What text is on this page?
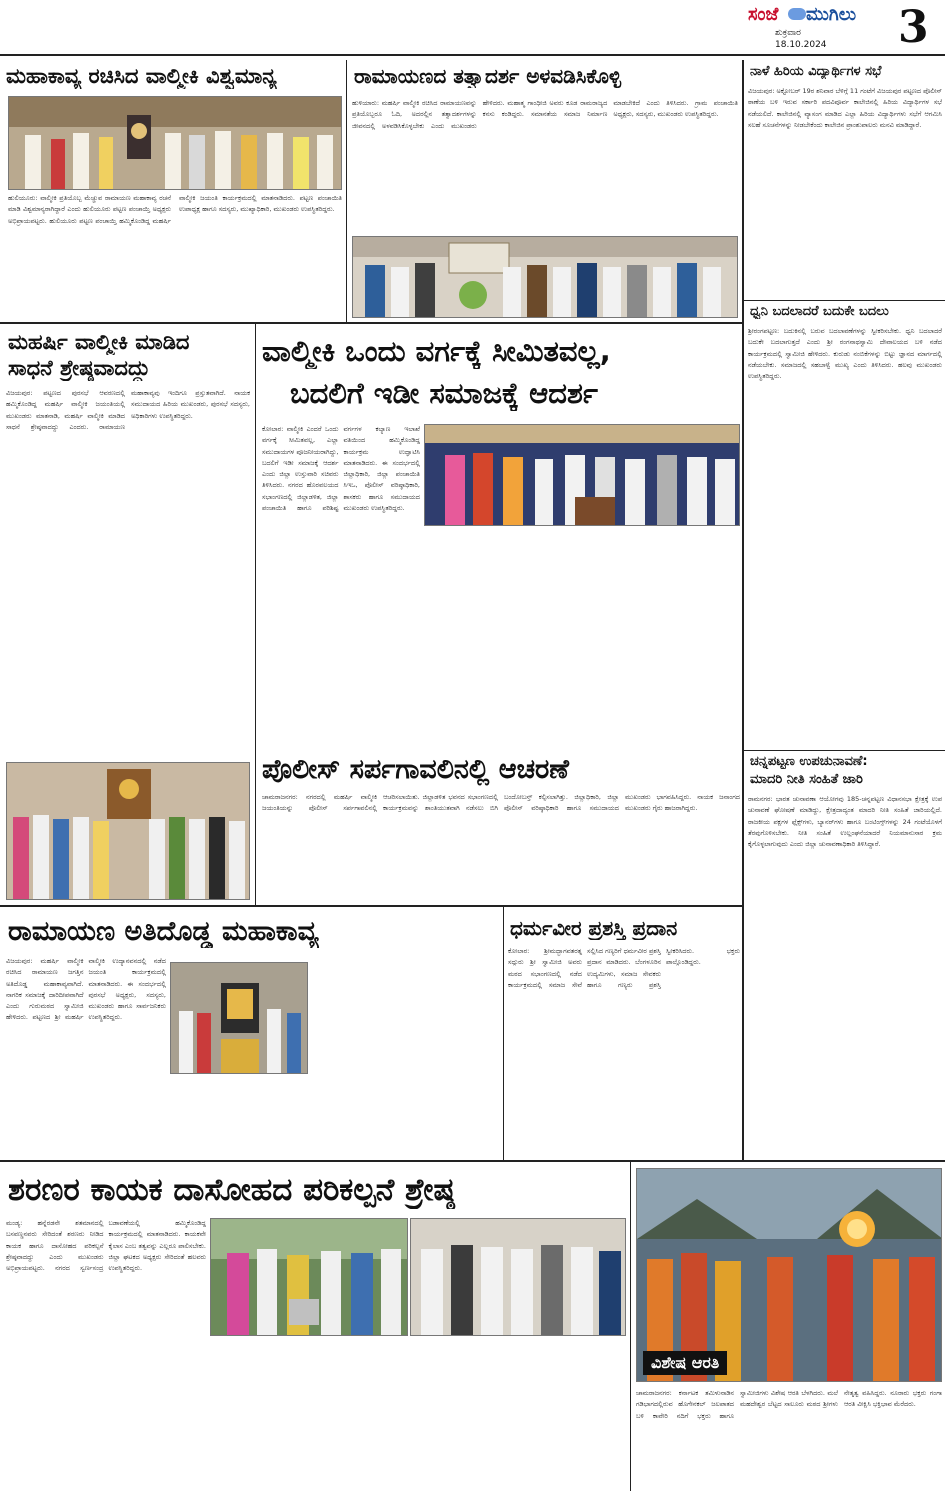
ಸಂಜೆ ಮುಗಿಲು
ಶುಕ್ರವಾರ
18.10.2024 3
ಮಹಾಕಾವ್ಯ ರಚಿಸಿದ ವಾಲ್ಮೀಕಿ ವಿಶ್ವಮಾನ್ಯ
ಹುಲಿಯೂರು: ವಾಲ್ಮೀಕಿ ಪ್ರತಿಯೊಬ್ಬ ಮೆಚ್ಚುವ ರಾಮಾಯಣ ಮಹಾಕಾವ್ಯ ರಚನೆ ಮಾಡಿ ವಿಶ್ವಮಾನ್ಯರಾಗಿದ್ದಾರೆ ಎಂದು ಹುಲಿಯೂರು ಪಟ್ಟಣ ಪಂಚಾಯ್ತಿ ಅಧ್ಯಕ್ಷರು ಅಭಿಪ್ರಾಯಪಟ್ಟರು. ಹುಲಿಯೂರು ಪಟ್ಟಣ ಪಂಚಾಯ್ತಿ ಹಮ್ಮಿಕೊಂಡಿದ್ದ ಮಹರ್ಷಿ ವಾಲ್ಮೀಕಿ ಜಯಂತಿ ಕಾರ್ಯಕ್ರಮದಲ್ಲಿ ಮಾತನಾಡಿದರು. ಪಟ್ಟಣ ಪಂಚಾಯಿತಿ ಉಪಾಧ್ಯಕ್ಷ ಹಾಗೂ ಸದಸ್ಯರು, ಮುಖ್ಯಾಧಿಕಾರಿ, ಮುಖಂಡರು ಉಪಸ್ಥಿತರಿದ್ದರು.
ರಾಮಾಯಣದ ತತ್ವಾದರ್ಶ ಅಳವಡಿಸಿಕೊಳ್ಳಿ
ಹುಳಿಯಾರು: ಮಹರ್ಷಿ ವಾಲ್ಮೀಕಿ ರಚಿಸಿದ ರಾಮಾಯಣವನ್ನು ಪ್ರತಿಯೊಬ್ಬರೂ ಓದಿ, ಅದರಲ್ಲಿನ ತತ್ವಾದರ್ಶಗಳನ್ನು ಜೀವನದಲ್ಲಿ ಅಳವಡಿಸಿಕೊಳ್ಳಬೇಕು ಎಂದು ಮುಖಂಡರು ಹೇಳಿದರು. ಮಹಾತ್ಮ ಗಾಂಧೀಜಿ ಅವರು ಕೂಡ ರಾಮರಾಜ್ಯದ ಕನಸು ಕಂಡಿದ್ದರು. ಸಮಾನತೆಯ ಸಮಾಜ ನಿರ್ಮಾಣ ಮಾಡಬೇಕಿದೆ ಎಂದು ತಿಳಿಸಿದರು. ಗ್ರಾಮ ಪಂಚಾಯಿತಿ ಅಧ್ಯಕ್ಷರು, ಸದಸ್ಯರು, ಮುಖಂಡರು ಉಪಸ್ಥಿತರಿದ್ದರು.
ನಾಳೆ ಹಿರಿಯ ವಿದ್ಯಾರ್ಥಿಗಳ ಸಭೆ
ವಿಜಯಪುರ: ಅಕ್ಟೋಬರ್ 19ರ ಶನಿವಾರ ಬೆಳಿಗ್ಗೆ 11 ಗಂಟೆಗೆ ವಿಜಯಪುರ ಪಟ್ಟಣದ ಪೊಲೀಸ್ ಠಾಣೆಯ ಬಳಿ ಇರುವ ಸರ್ಕಾರಿ ಪದವಿಪೂರ್ವ ಕಾಲೇಜಿನಲ್ಲಿ ಹಿರಿಯ ವಿದ್ಯಾರ್ಥಿಗಳ ಸಭೆ ನಡೆಯಲಿದೆ. ಕಾಲೇಜಿನಲ್ಲಿ ವ್ಯಾಸಂಗ ಮಾಡಿದ ಎಲ್ಲಾ ಹಿರಿಯ ವಿದ್ಯಾರ್ಥಿಗಳು ಸಭೆಗೆ ಆಗಮಿಸಿ ಸಲಹೆ ಸೂಚನೆಗಳನ್ನು ನೀಡಬೇಕೆಂದು ಕಾಲೇಜಿನ ಪ್ರಾಂಶುಪಾಲರು ಮನವಿ ಮಾಡಿದ್ದಾರೆ.
ಧ್ವನಿ ಬದಲಾದರೆ ಬದುಕೇ ಬದಲು
ಶ್ರೀರಂಗಪಟ್ಟಣ: ಬದುಕಿನಲ್ಲಿ ಬರುವ ಬದಲಾವಣೆಗಳನ್ನು ಸ್ವೀಕರಿಸಬೇಕು. ಧ್ವನಿ ಬದಲಾದರೆ ಬದುಕೇ ಬದಲಾಗುತ್ತದೆ ಎಂದು ಶ್ರೀ ರಂಗನಾಥಸ್ವಾಮಿ ದೇವಾಲಯದ ಬಳಿ ನಡೆದ ಕಾರ್ಯಕ್ರಮದಲ್ಲಿ ಸ್ವಾಮೀಜಿ ಹೇಳಿದರು. ಕುರುಡು ನಂಬಿಕೆಗಳನ್ನು ಬಿಟ್ಟು ಜ್ಞಾನದ ಮಾರ್ಗದಲ್ಲಿ ನಡೆಯಬೇಕು. ಸಮಾಜದಲ್ಲಿ ಸಹಬಾಳ್ವೆ ಮುಖ್ಯ ಎಂದು ತಿಳಿಸಿದರು. ಹಲವು ಮುಖಂಡರು ಉಪಸ್ಥಿತರಿದ್ದರು.
ಮಹರ್ಷಿ ವಾಲ್ಮೀಕಿ ಮಾಡಿದ
ಸಾಧನೆ ಶ್ರೇಷ್ಠವಾದದ್ದು
ವಿಜಯಪುರ: ಪಟ್ಟಣದ ಪುರಸಭೆ ಆವರಣದಲ್ಲಿ ಹಮ್ಮಿಕೊಂಡಿದ್ದ ಮಹರ್ಷಿ ವಾಲ್ಮೀಕಿ ಜಯಂತಿಯಲ್ಲಿ ಮುಖಂಡರು ಮಾತನಾಡಿ, ಮಹರ್ಷಿ ವಾಲ್ಮೀಕಿ ಮಾಡಿದ ಸಾಧನೆ ಶ್ರೇಷ್ಠವಾದದ್ದು ಎಂದರು. ರಾಮಾಯಣ ಮಹಾಕಾವ್ಯವು ಇಂದಿಗೂ ಪ್ರಸ್ತುತವಾಗಿದೆ. ನಾಯಕ ಸಮುದಾಯದ ಹಿರಿಯ ಮುಖಂಡರು, ಪುರಸಭೆ ಸದಸ್ಯರು, ಅಧಿಕಾರಿಗಳು ಉಪಸ್ಥಿತರಿದ್ದರು.
ವಾಲ್ಮೀಕಿ ಒಂದು ವರ್ಗಕ್ಕೆ ಸೀಮಿತವಲ್ಲ,
ಬದಲಿಗೆ ಇಡೀ ಸಮಾಜಕ್ಕೆ ಆದರ್ಶ
ಕೋಲಾರ: ವಾಲ್ಮೀಕಿ ಎಂದರೆ ಒಂದು ವರ್ಗಕ್ಕೆ ಸೀಮಿತವಲ್ಲ, ಎಲ್ಲಾ ಸಮುದಾಯಗಳ ಪೂಜನೀಯರಾಗಿದ್ದು, ಬದಲಿಗೆ ಇಡೀ ಸಮಾಜಕ್ಕೆ ಆದರ್ಶ ಎಂದು ಜಿಲ್ಲಾ ಉಸ್ತುವಾರಿ ಸಚಿವರು ತಿಳಿಸಿದರು. ನಗರದ ಹೊರವಲಯದ ಸಭಾಂಗಣದಲ್ಲಿ ಜಿಲ್ಲಾಡಳಿತ, ಜಿಲ್ಲಾ ಪಂಚಾಯಿತಿ ಹಾಗೂ ಪರಿಶಿಷ್ಟ ವರ್ಗಗಳ ಕಲ್ಯಾಣ ಇಲಾಖೆ ವತಿಯಿಂದ ಹಮ್ಮಿಕೊಂಡಿದ್ದ ಕಾರ್ಯಕ್ರಮ ಉದ್ಘಾಟಿಸಿ ಮಾತನಾಡಿದರು. ಈ ಸಂದರ್ಭದಲ್ಲಿ ಜಿಲ್ಲಾಧಿಕಾರಿ, ಜಿಲ್ಲಾ ಪಂಚಾಯಿತಿ ಸಿಇಒ, ಪೊಲೀಸ್ ವರಿಷ್ಠಾಧಿಕಾರಿ, ಶಾಸಕರು ಹಾಗೂ ಸಮುದಾಯದ ಮುಖಂಡರು ಉಪಸ್ಥಿತರಿದ್ದರು.
ಪೊಲೀಸ್ ಸರ್ಪಗಾವಲಿನಲ್ಲಿ ಆಚರಣೆ
ಚಾಮರಾಜನಗರ: ನಗರದಲ್ಲಿ ಮಹರ್ಷಿ ವಾಲ್ಮೀಕಿ ಜಯಂತಿಯನ್ನು ಪೊಲೀಸ್ ಸರ್ಪಗಾವಲಿನಲ್ಲಿ ಆಚರಿಸಲಾಯಿತು. ಜಿಲ್ಲಾಡಳಿತ ಭವನದ ಸಭಾಂಗಣದಲ್ಲಿ ಕಾರ್ಯಕ್ರಮವನ್ನು ಶಾಂತಿಯುತವಾಗಿ ನಡೆಸಲು ಬಿಗಿ ಬಂದೋಬಸ್ತ್ ಕಲ್ಪಿಸಲಾಗಿತ್ತು. ಜಿಲ್ಲಾಧಿಕಾರಿ, ಜಿಲ್ಲಾ ಪೊಲೀಸ್ ವರಿಷ್ಠಾಧಿಕಾರಿ ಹಾಗೂ ಸಮುದಾಯದ ಮುಖಂಡರು ಭಾಗವಹಿಸಿದ್ದರು. ನಾಯಕ ಜನಾಂಗದ ಮುಖಂಡರು ಗೈರು ಹಾಜರಾಗಿದ್ದರು.
ಚನ್ನಪಟ್ಟಣ ಉಪಚುನಾವಣೆ:
ಮಾದರಿ ನೀತಿ ಸಂಹಿತೆ ಜಾರಿ
ರಾಮನಗರ: ಭಾರತ ಚುನಾವಣಾ ಆಯೋಗವು 185-ಚನ್ನಪಟ್ಟಣ ವಿಧಾನಸಭಾ ಕ್ಷೇತ್ರಕ್ಕೆ ಉಪ ಚುನಾವಣೆ ಘೋಷಣೆ ಮಾಡಿದ್ದು, ಕ್ಷೇತ್ರದಾದ್ಯಂತ ಮಾದರಿ ನೀತಿ ಸಂಹಿತೆ ಜಾರಿಯಲ್ಲಿದೆ. ರಾಜಕೀಯ ಪಕ್ಷಗಳ ಫ್ಲೆಕ್ಸ್‌ಗಳು, ಬ್ಯಾನರ್‌ಗಳು ಹಾಗೂ ಬಂಟಿಂಗ್ಸ್‌ಗಳನ್ನು 24 ಗಂಟೆಯೊಳಗೆ ತೆರವುಗೊಳಿಸಬೇಕು. ನೀತಿ ಸಂಹಿತೆ ಉಲ್ಲಂಘನೆಯಾದರೆ ನಿಯಮಾನುಸಾರ ಕ್ರಮ ಕೈಗೊಳ್ಳಲಾಗುವುದು ಎಂದು ಜಿಲ್ಲಾ ಚುನಾವಣಾಧಿಕಾರಿ ತಿಳಿಸಿದ್ದಾರೆ.
ರಾಮಾಯಣ ಅತಿದೊಡ್ಡ ಮಹಾಕಾವ್ಯ
ವಿಜಯಪುರ: ಮಹರ್ಷಿ ವಾಲ್ಮೀಕಿ ರಚಿಸಿದ ರಾಮಾಯಣ ಜಗತ್ತಿನ ಅತಿದೊಡ್ಡ ಮಹಾಕಾವ್ಯವಾಗಿದೆ. ನಾಗರಿಕ ಸಮಾಜಕ್ಕೆ ದಾರಿದೀಪವಾಗಿದೆ ಎಂದು ಗುರುಮಠದ ಸ್ವಾಮೀಜಿ ಹೇಳಿದರು. ಪಟ್ಟಣದ ಶ್ರೀ ಮಹರ್ಷಿ ವಾಲ್ಮೀಕಿ ಉದ್ಯಾನವನದಲ್ಲಿ ನಡೆದ ಜಯಂತಿ ಕಾರ್ಯಕ್ರಮದಲ್ಲಿ ಮಾತನಾಡಿದರು. ಈ ಸಂದರ್ಭದಲ್ಲಿ ಪುರಸಭೆ ಅಧ್ಯಕ್ಷರು, ಸದಸ್ಯರು, ಮುಖಂಡರು ಹಾಗೂ ಸಾರ್ವಜನಿಕರು ಉಪಸ್ಥಿತರಿದ್ದರು.
ಧರ್ಮವೀರ ಪ್ರಶಸ್ತಿ ಪ್ರದಾನ
ಕೋಲಾರ: ಶ್ರೀಮದ್ಭಾಗವತರತ್ನ ಸದ್ಗುರು ಶ್ರೀ ಸ್ವಾಮೀಜಿ ಅವರು ಮಠದ ಸಭಾಂಗಣದಲ್ಲಿ ನಡೆದ ಕಾರ್ಯಕ್ರಮದಲ್ಲಿ ಸಮಾಜ ಸೇವೆ ಸಲ್ಲಿಸಿದ ಗಣ್ಯರಿಗೆ ಧರ್ಮವೀರ ಪ್ರಶಸ್ತಿ ಪ್ರದಾನ ಮಾಡಿದರು. ಬೆಂಗಳೂರಿನ ಉದ್ಯಮಿಗಳು, ಸಮಾಜ ಸೇವಕರು ಹಾಗೂ ಗಣ್ಯರು ಪ್ರಶಸ್ತಿ ಸ್ವೀಕರಿಸಿದರು. ಭಕ್ತರು ಪಾಲ್ಗೊಂಡಿದ್ದರು.
ಶರಣರ ಕಾಯಕ ದಾಸೋಹದ ಪರಿಕಲ್ಪನೆ ಶ್ರೇಷ್ಠ
ಮಂಡ್ಯ: ಹನ್ನೆರಡನೇ ಶತಮಾನದಲ್ಲಿ ಬಸವಣ್ಣನವರು ಸೇರಿದಂತೆ ಶರಣರು ನೀಡಿದ ಕಾಯಕ ಹಾಗೂ ದಾಸೋಹದ ಪರಿಕಲ್ಪನೆ ಶ್ರೇಷ್ಠವಾದದ್ದು ಎಂದು ಮುಖಂಡರು ಅಭಿಪ್ರಾಯಪಟ್ಟರು. ನಗರದ ಸ್ವರ್ಣಸಂದ್ರ ಬಡಾವಣೆಯಲ್ಲಿ ಹಮ್ಮಿಕೊಂಡಿದ್ದ ಕಾರ್ಯಕ್ರಮದಲ್ಲಿ ಮಾತನಾಡಿದರು. ಕಾಯಕವೇ ಕೈಲಾಸ ಎಂಬ ತತ್ವವನ್ನು ಎಲ್ಲರೂ ಪಾಲಿಸಬೇಕು. ಜಿಲ್ಲಾ ಘಟಕದ ಅಧ್ಯಕ್ಷರು ಸೇರಿದಂತೆ ಹಲವರು ಉಪಸ್ಥಿತರಿದ್ದರು.
ವಿಶೇಷ ಆರತಿ
ಚಾಮರಾಜನಗರ: ಕರ್ನಾಟಕ ತಮಿಳುನಾಡಿನ ಗಡಿಭಾಗದಲ್ಲಿರುವ ಹೊಗೇನಕಲ್ ಜಲಪಾತದ ಬಳಿ ಕಾವೇರಿ ನದಿಗೆ ಭಕ್ತರು ಹಾಗೂ ಸ್ವಾಮೀಜಿಗಳು ವಿಶೇಷ ಆರತಿ ಬೆಳಗಿದರು. ಮಲೆ ಮಹದೇಶ್ವರ ಬೆಟ್ಟದ ಸಾಲೂರು ಮಠದ ಶ್ರೀಗಳು ನೇತೃತ್ವ ವಹಿಸಿದ್ದರು. ನೂರಾರು ಭಕ್ತರು ಗಂಗಾ ಆರತಿ ವೀಕ್ಷಿಸಿ ಭಕ್ತಿಭಾವ ಮೆರೆದರು.
